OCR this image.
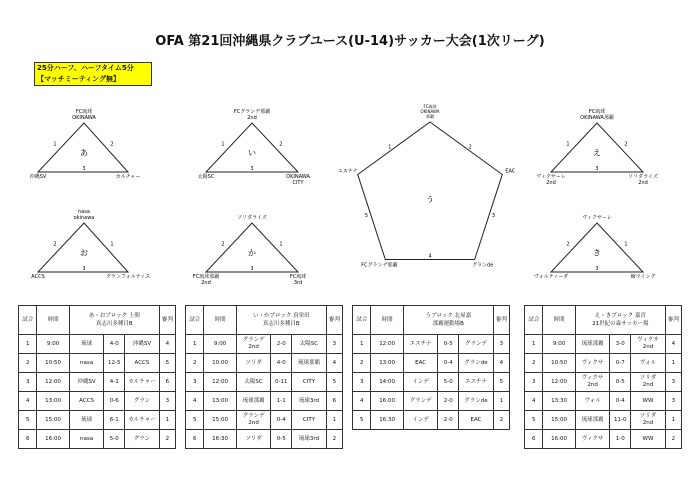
OFA 第21回沖縄県クラブユース(U-14)サッカー大会(1次リーグ)
25分ハーフ、ハーフタイム5分
【マッチミーティング無】
あ
FC琉球
OKINAWA
沖縄SV	カルチャー
1	2
3
い
FCグランデ那覇
2nd
太陽SC	OKINAWA
CITY
1	2
3
え
FC琉球
OKINAWA那覇
ヴィクサーレ
2nd
ソリダライズ
2nd
1	2
3
お
nasa
okinawa
ACCS	グランフォルティス
2	1
3
か
ソリダライズ
FC琉球那覇
2nd
FC琉球
3rd
2	1
3
き
ヴィクサーレ
ヴォルティーダ	Wウイング
2	1
3
う
FC琉球
OKINAWA
那覇
FCグランデ那覇	グランde
エスチナ	EAC
1	2
4
5	3
試合	時間	あ・おブロック 上間
真志川多種目B			審判
1	9:00	琉球	4-0	沖縄SV	4
2	10:50	nasa	12-5	ACCS	5
3	12:00	沖縄SV	4-1	カルチャー	6
4	13:00	ACCS	0-6	グラン	3
5	15:00	琉球	6-1	カルチャー	1
6	16:00	nasa	5-0	グラン	2
試合	時間	い・かブロック 真栄田
真志川多種目B			審判
1	9:00	グランデ
2nd	2-0	太陽SC	3
2	10:00	ソリダ	4-0	琉球那覇	4
3	12:00	太陽SC	0-11	CITY	5
4	13:00	琉球那覇	1-1	琉球3rd	6
5	15:00	グランデ
2nd	0-4	CITY	1
6	16:30	ソリダ	0-5	琉球3rd	2
試合	時間	うブロック 北屋嘉
那覇運動場B			審判
1	12:00	エスチナ	0-5	グランデ	3
2	13:00	EAC	0-4	グランde	4
3	14:00	インデ	5-0	エスチナ	5
4	16:00	グランデ	2-0	グランde	1
5	16:30	インデ	2-0	EAC	2
試合	時間	え・きブロック 嘉宮
21世紀の森サッカー場			審判
1	9:00	琉球那覇	3-0	ヴィクサ
2nd	4
2	10:50	ヴィクサ	0-7	ヴォル	1
3	12:00	ヴィクサ
2nd	0-5	ソリダ
2nd	3
4	13:30	ヴォル	0-4	WW	3
5	15:00	琉球那覇	11-0	ソリダ
2nd	1
6	16:00	ヴィクサ	1-0	WW	2
